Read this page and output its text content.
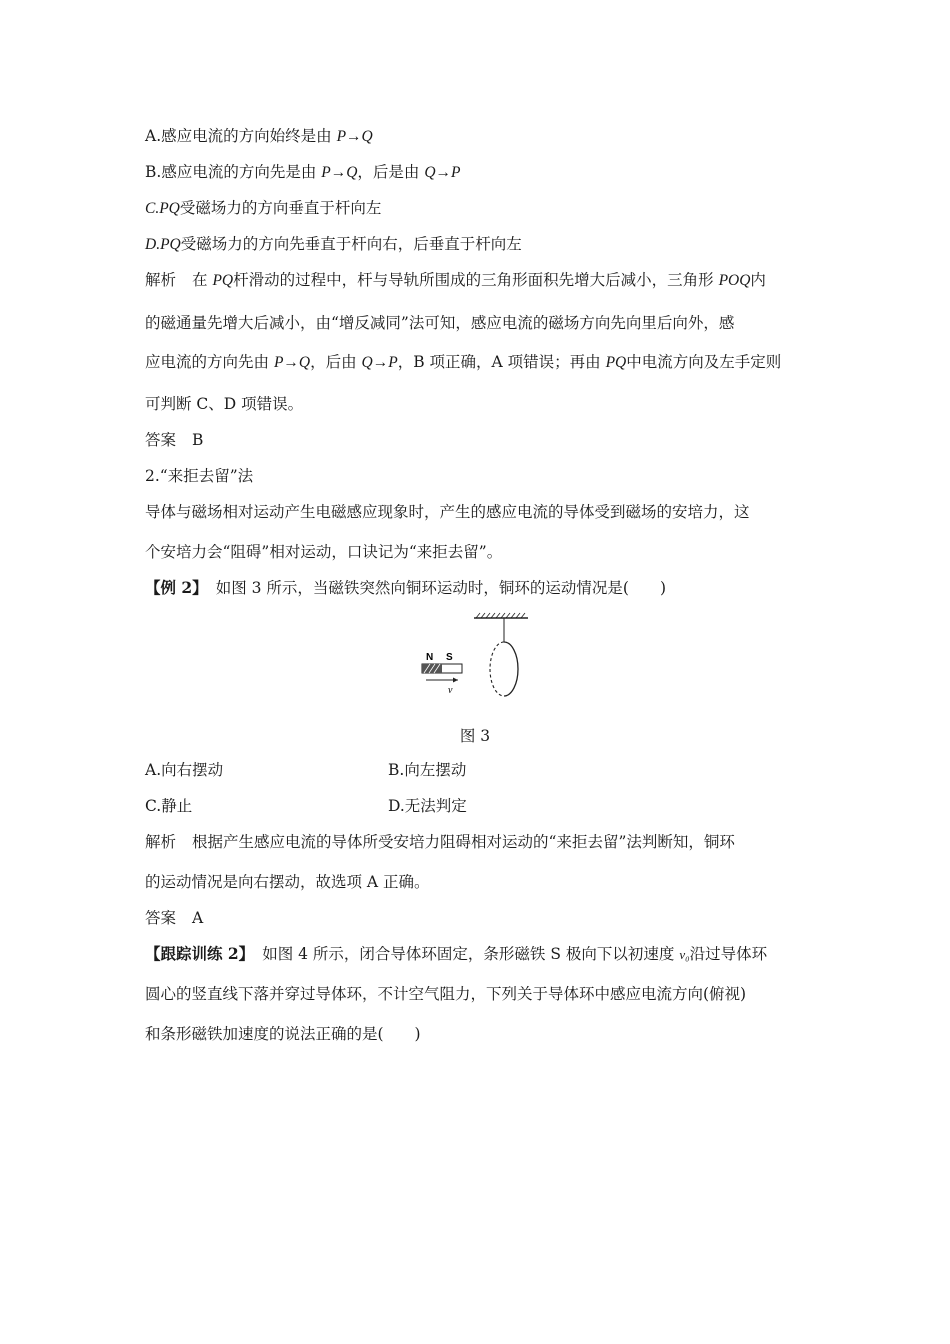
A.感应电流的方向始终是由 P→Q
B.感应电流的方向先是由 P→Q，后是由 Q→P
C.PQ受磁场力的方向垂直于杆向左
D.PQ受磁场力的方向先垂直于杆向右，后垂直于杆向左
解析 在 PQ杆滑动的过程中，杆与导轨所围成的三角形面积先增大后减小，三角形 POQ内
的磁通量先增大后减小，由“增反减同”法可知，感应电流的磁场方向先向里后向外，感
应电流的方向先由 P→Q，后由 Q→P，B 项正确，A 项错误；再由 PQ中电流方向及左手定则
可判断 C、D 项错误。
答案 B
2.“来拒去留”法
导体与磁场相对运动产生电磁感应现象时，产生的感应电流的导体受到磁场的安培力，这
个安培力会“阻碍”相对运动，口诀记为“来拒去留”。
【例 2】 如图 3 所示，当磁铁突然向铜环运动时，铜环的运动情况是(　　)
N S
v
图 3
A.向右摆动	B.向左摆动
C.静止	D.无法判定
解析 根据产生感应电流的导体所受安培力阻碍相对运动的“来拒去留”法判断知，铜环
的运动情况是向右摆动，故选项 A 正确。
答案 A
【跟踪训练 2】 如图 4 所示，闭合导体环固定，条形磁铁 S 极向下以初速度 v₀沿过导体环
圆心的竖直线下落并穿过导体环，不计空气阻力，下列关于导体环中感应电流方向(俯视)
和条形磁铁加速度的说法正确的是(　　)
